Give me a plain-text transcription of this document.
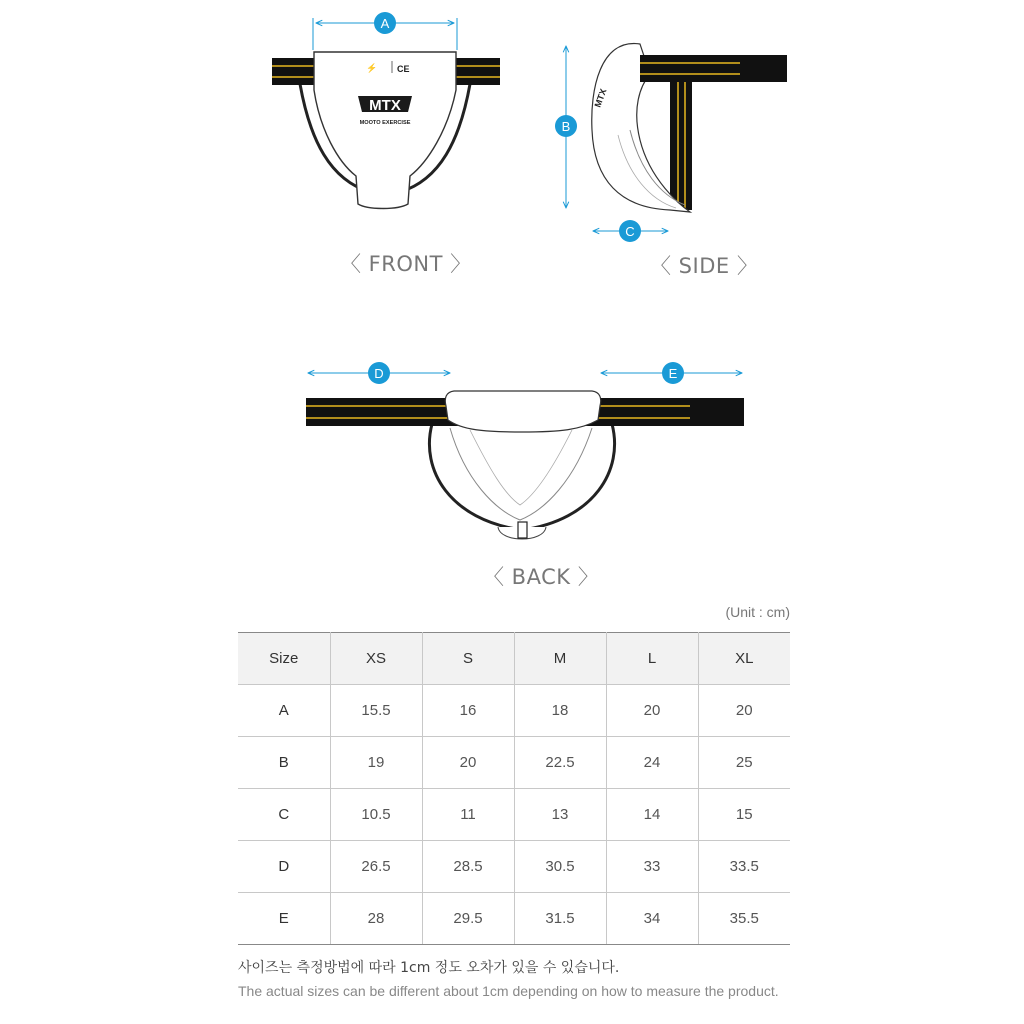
⚡ CE
MTX
MOOTO EXERCISE
A
MTX
B
C
D	E
〈 FRONT 〉	〈 SIDE 〉
〈 BACK 〉
(Unit : cm)
Size	XS	S	M	L	XL
A	15.5	16	18	20	20
B	19	20	22.5	24	25
C	10.5	11	13	14	15
D	26.5	28.5	30.5	33	33.5
E	28	29.5	31.5	34	35.5
사이즈는 측정방법에 따라 1cm 정도 오차가 있을 수 있습니다.
The actual sizes can be different about 1cm depending on how to measure the product.
